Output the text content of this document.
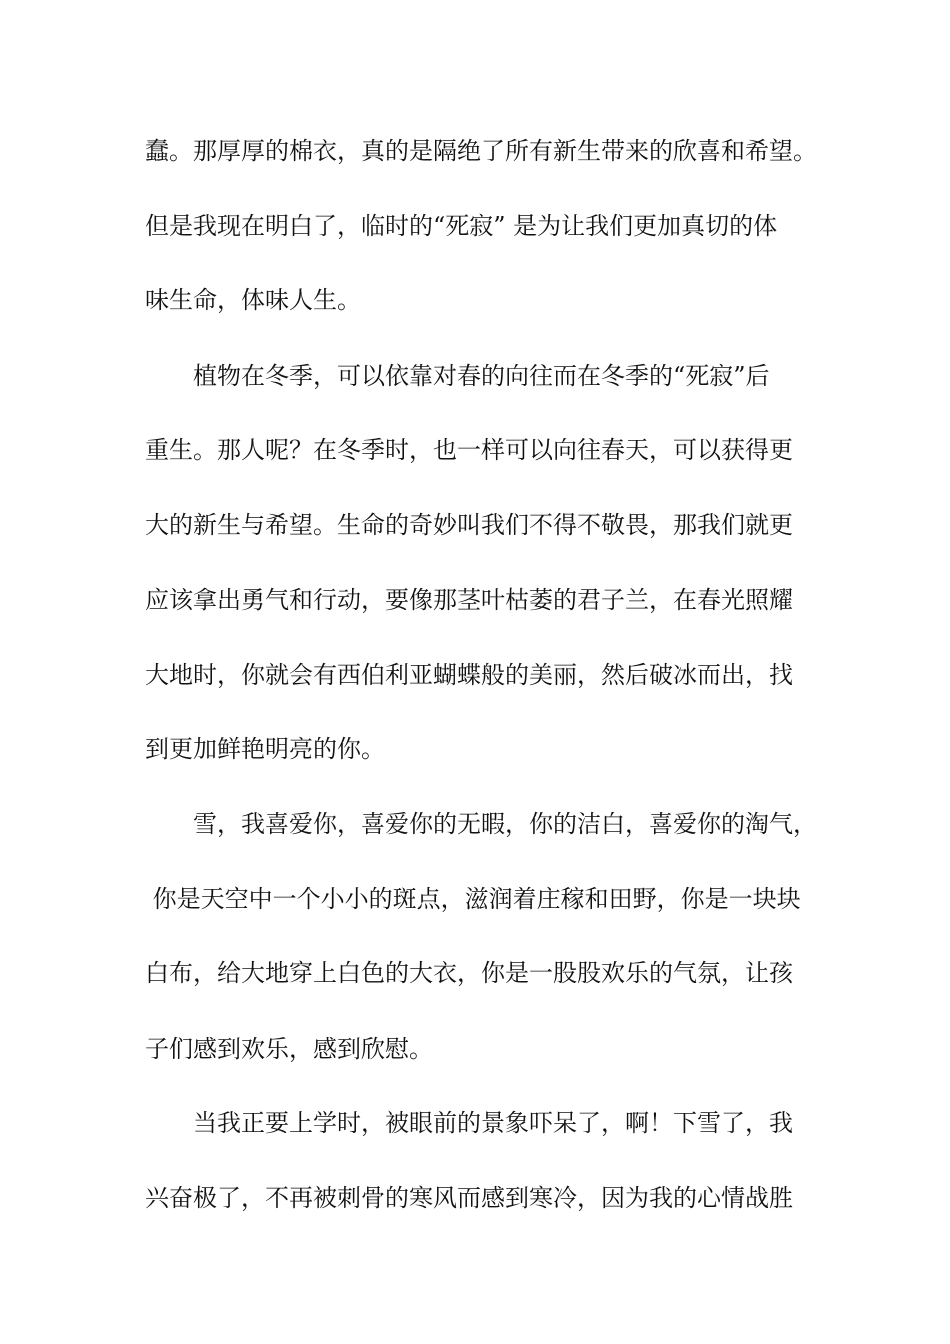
蠢。那厚厚的棉衣，真的是隔绝了所有新生带来的欣喜和希望。

但是我现在明白了，临时的“死寂” 是为让我们更加真切的体

味生命，体味人生。

植物在冬季，可以依靠对春的向往而在冬季的“死寂”后

重生。那人呢？在冬季时，也一样可以向往春天，可以获得更

大的新生与希望。生命的奇妙叫我们不得不敬畏，那我们就更

应该拿出勇气和行动，要像那茎叶枯萎的君子兰，在春光照耀

大地时，你就会有西伯利亚蝴蝶般的美丽，然后破冰而出，找

到更加鲜艳明亮的你。

雪，我喜爱你，喜爱你的无暇，你的洁白，喜爱你的淘气，

你是天空中一个小小的斑点，滋润着庄稼和田野，你是一块块

白布，给大地穿上白色的大衣，你是一股股欢乐的气氛，让孩

子们感到欢乐，感到欣慰。

当我正要上学时，被眼前的景象吓呆了，啊！下雪了，我

兴奋极了，不再被刺骨的寒风而感到寒冷，因为我的心情战胜
